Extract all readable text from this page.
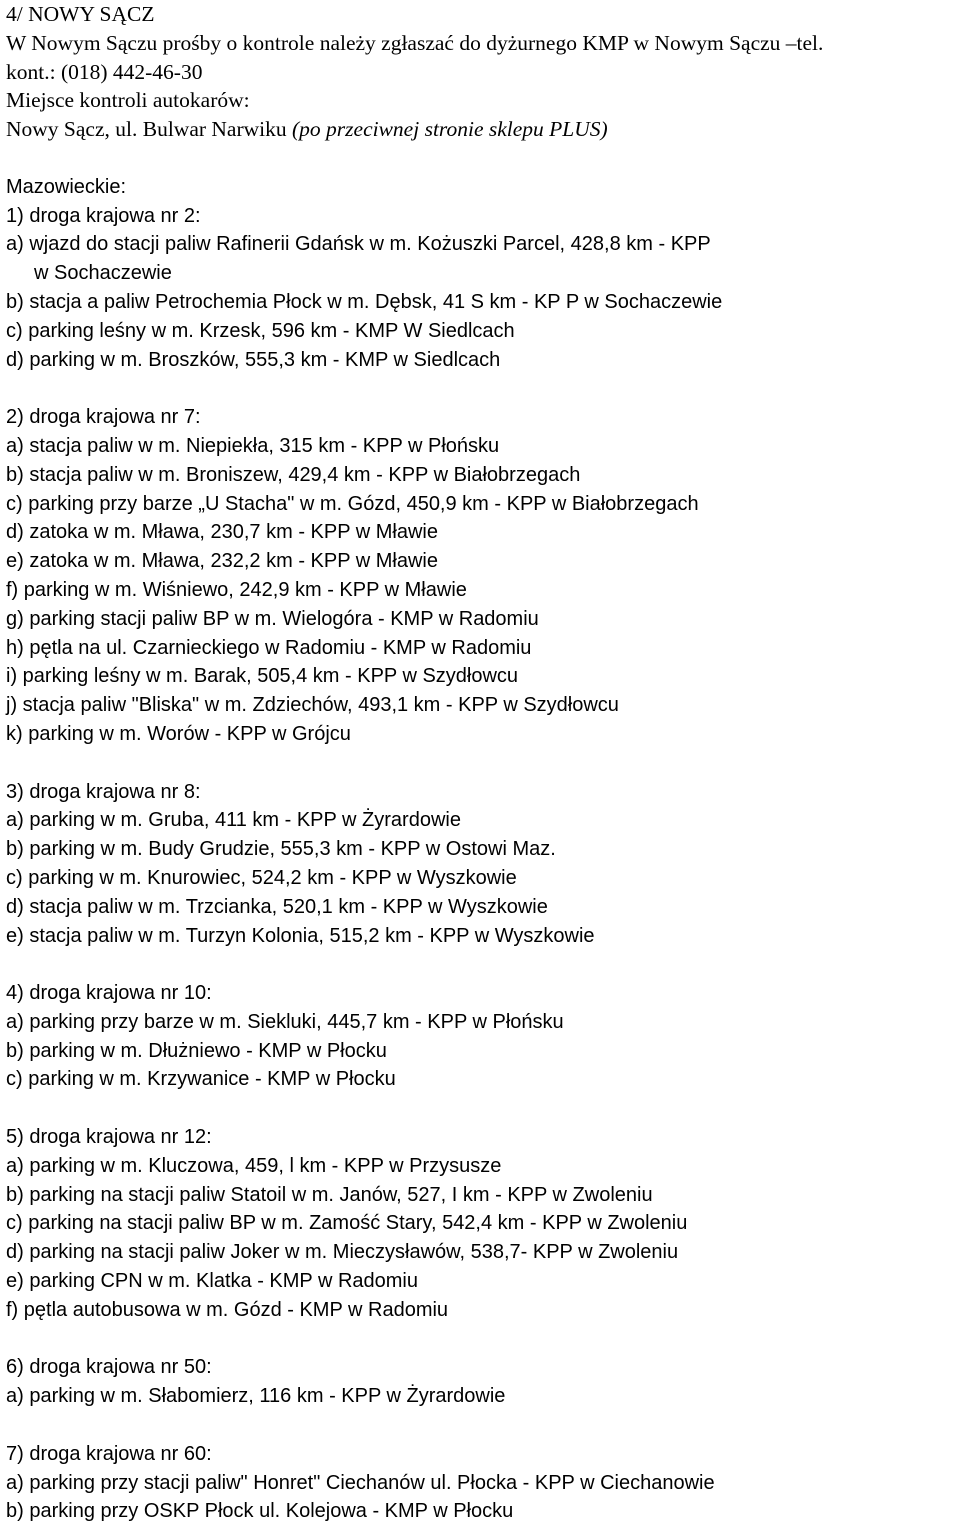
4/ NOWY SĄCZ
W Nowym Sączu prośby o kontrole należy zgłaszać do dyżurnego KMP w Nowym Sączu –tel.
kont.: (018) 442-46-30
Miejsce kontroli autokarów:
Nowy Sącz, ul. Bulwar Narwiku (po przeciwnej stronie sklepu PLUS)
Mazowieckie:
1) droga krajowa nr 2:
a) wjazd do stacji paliw Rafinerii Gdańsk w m. Kożuszki Parcel, 428,8 km - KPP
w Sochaczewie
b) stacja a paliw Petrochemia Płock w m. Dębsk, 41 S km - KP P w Sochaczewie
c) parking leśny w m. Krzesk, 596 km - KMP W Siedlcach
d) parking w m. Broszków, 555,3 km - KMP w Siedlcach
2) droga krajowa nr 7:
a) stacja paliw w m. Niepiekła, 315 km - KPP w Płońsku
b) stacja paliw w m. Broniszew, 429,4 km - KPP w Białobrzegach
c) parking przy barze „U Stacha" w m. Gózd, 450,9 km - KPP w Białobrzegach
d) zatoka w m. Mława, 230,7 km - KPP w Mławie
e) zatoka w m. Mława, 232,2 km - KPP w Mławie
f) parking w m. Wiśniewo, 242,9 km - KPP w Mławie
g) parking stacji paliw BP w m. Wielogóra - KMP w Radomiu
h) pętla na ul. Czarnieckiego w Radomiu - KMP w Radomiu
i) parking leśny w m. Barak, 505,4 km - KPP w Szydłowcu
j) stacja paliw "Bliska" w m. Zdziechów, 493,1 km - KPP w Szydłowcu
k) parking w m. Worów - KPP w Grójcu
3) droga krajowa nr 8:
a) parking w m. Gruba, 411 km - KPP w Żyrardowie
b) parking w m. Budy Grudzie, 555,3 km - KPP w Ostowi Maz.
c) parking w m. Knurowiec, 524,2 km - KPP w Wyszkowie
d) stacja paliw w m. Trzcianka, 520,1 km - KPP w Wyszkowie
e) stacja paliw w m. Turzyn Kolonia, 515,2 km - KPP w Wyszkowie
4) droga krajowa nr 10:
a) parking przy barze w m. Siekluki, 445,7 km - KPP w Płońsku
b) parking w m. Dłużniewo - KMP w Płocku
c) parking w m. Krzywanice - KMP w Płocku
5) droga krajowa nr 12:
a) parking w m. Kluczowa, 459, l km - KPP w Przysusze
b) parking na stacji paliw Statoil w m. Janów, 527, I km - KPP w Zwoleniu
c) parking na stacji paliw BP w m. Zamość Stary, 542,4 km - KPP w Zwoleniu
d) parking na stacji paliw Joker w m. Mieczysławów, 538,7- KPP w Zwoleniu
e) parking CPN w m. Klatka - KMP w Radomiu
f) pętla autobusowa w m. Gózd - KMP w Radomiu
6) droga krajowa nr 50:
a) parking w m. Słabomierz, 116 km - KPP w Żyrardowie
7) droga krajowa nr 60:
a) parking przy stacji paliw" Honret" Ciechanów ul. Płocka - KPP w Ciechanowie
b) parking przy OSKP Płock ul. Kolejowa - KMP w Płocku
